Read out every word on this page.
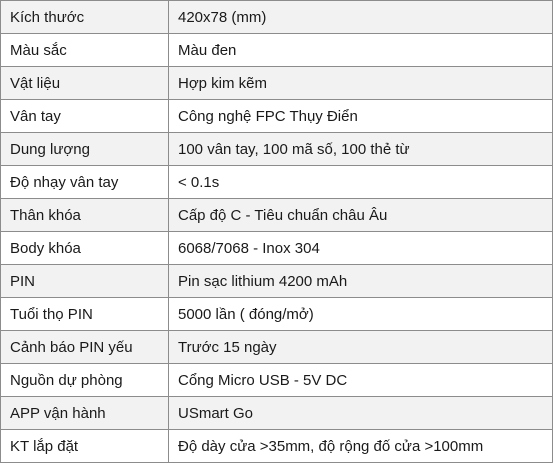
Kích thước	420x78 (mm)
Màu sắc	Màu đen
Vật liệu	Hợp kim kẽm
Vân tay	Công nghệ FPC Thụy Điển
Dung lượng	100 vân tay, 100 mã số, 100 thẻ từ
Độ nhạy vân tay	< 0.1s
Thân khóa	Cấp độ C - Tiêu chuẩn châu Âu
Body khóa	6068/7068 - Inox 304
PIN	Pin sạc lithium 4200 mAh
Tuổi thọ PIN	5000 lần ( đóng/mở)
Cảnh báo PIN yếu	Trước 15 ngày
Nguồn dự phòng	Cổng Micro USB - 5V DC
APP vận hành	USmart Go
KT lắp đặt	Độ dày cửa >35mm, độ rộng đố cửa >100mm
